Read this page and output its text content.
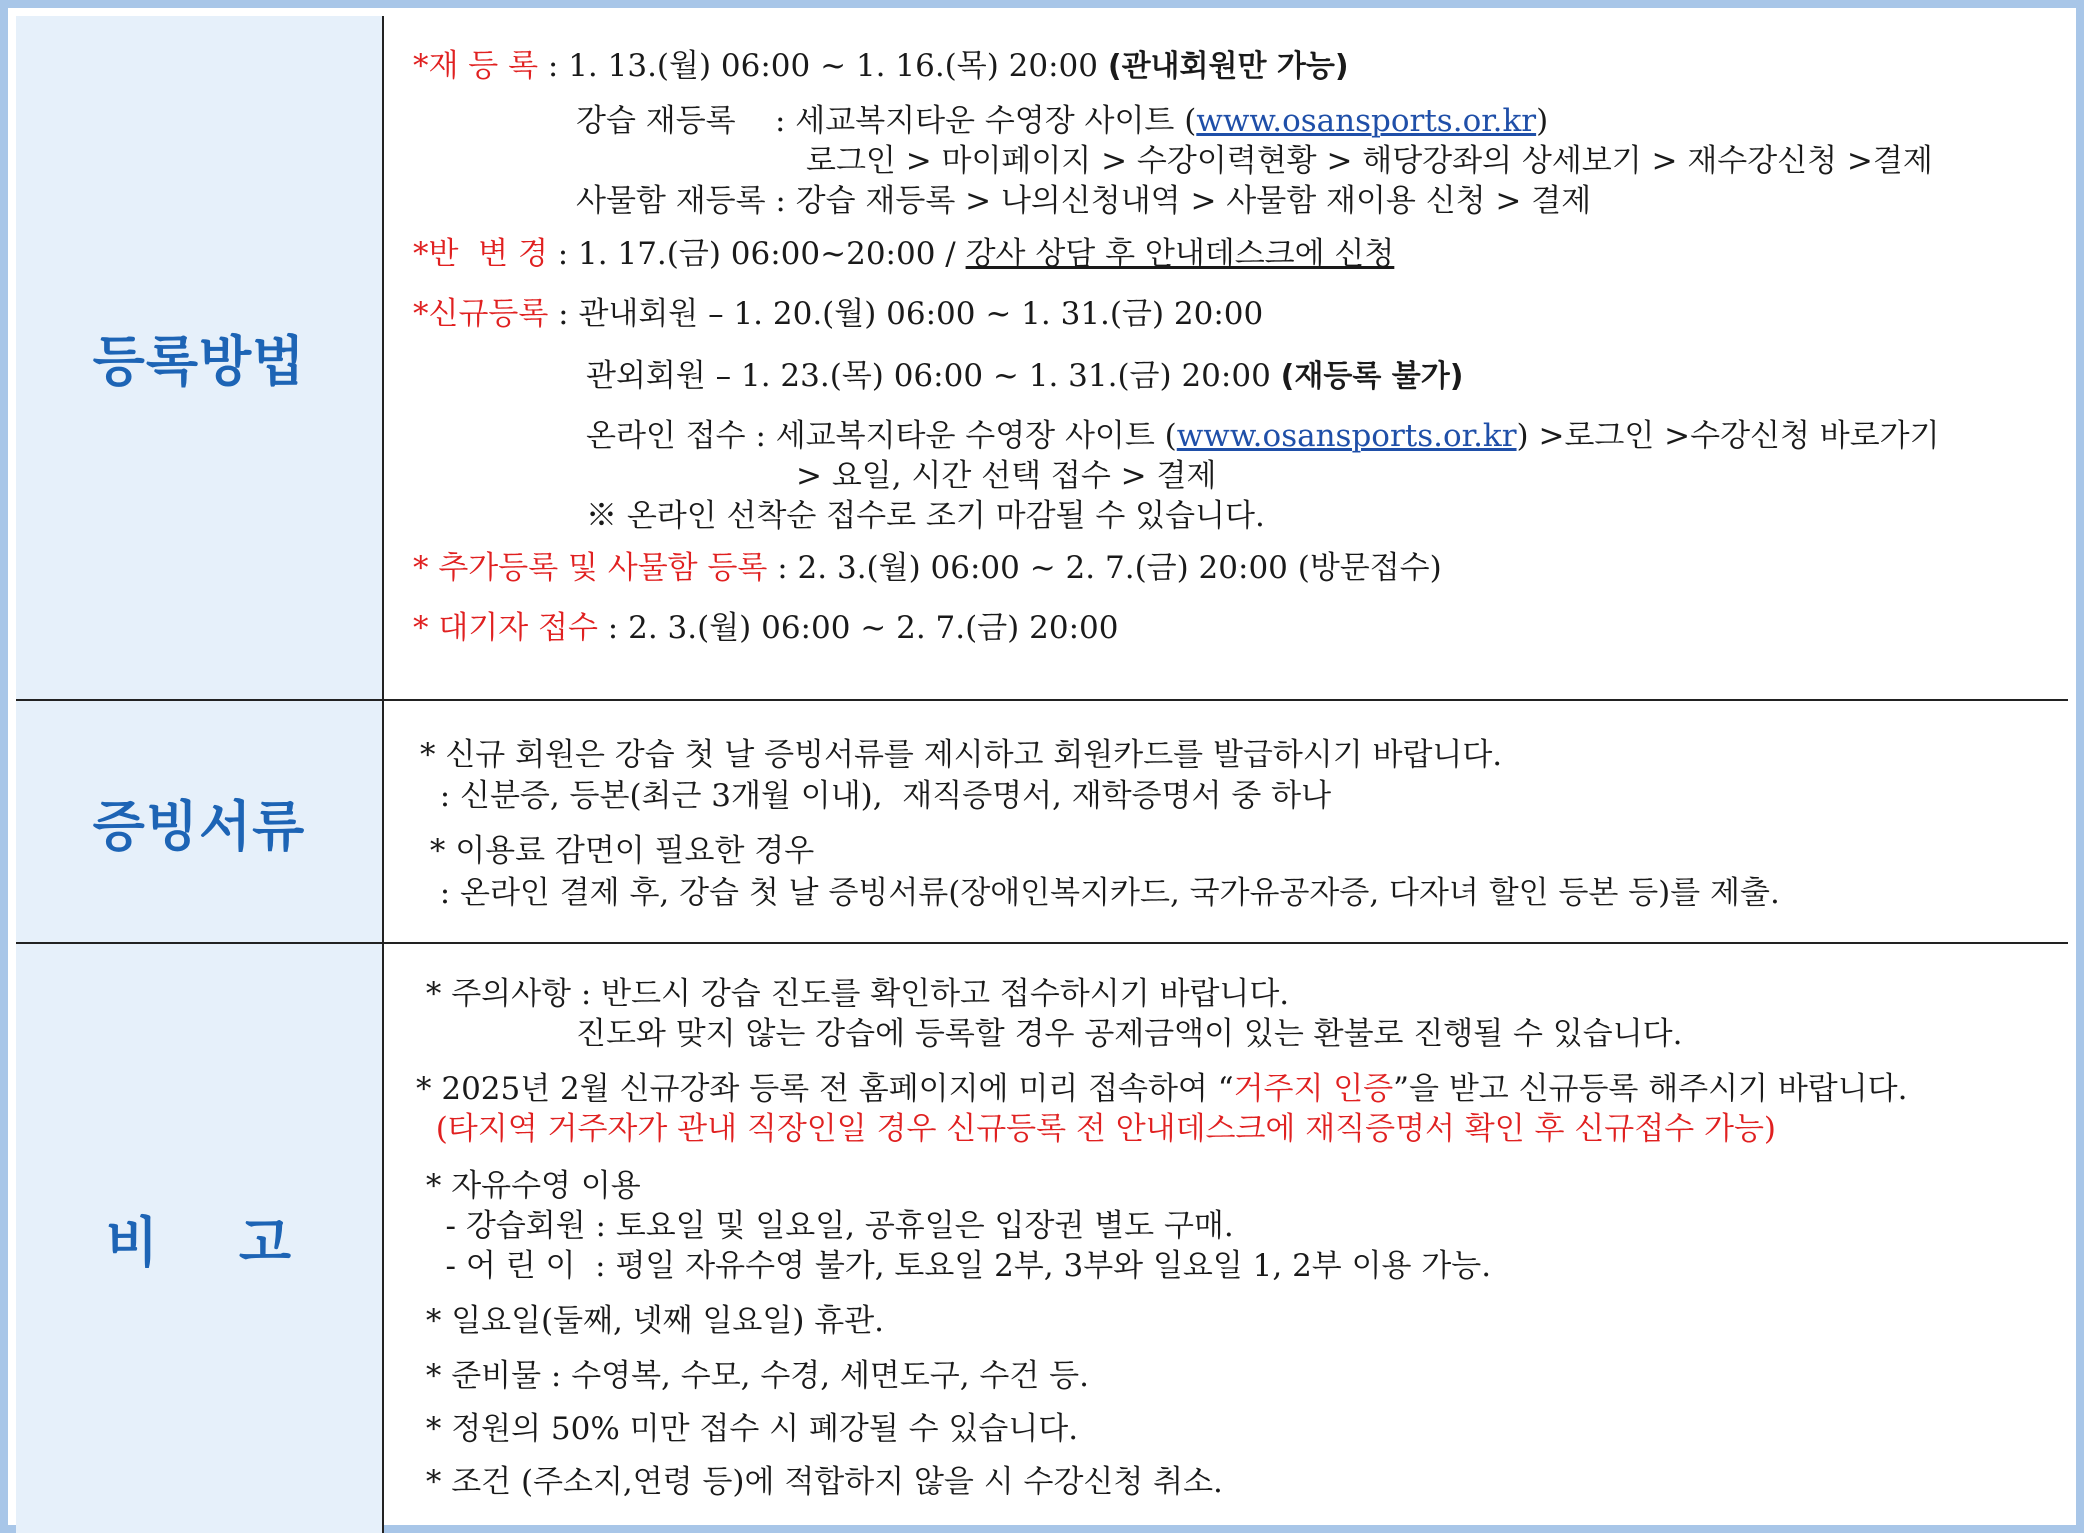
등록방법
*재 등 록 : 1. 13.(월) 06:00 ~ 1. 16.(목) 20:00 (관내회원만 가능)
강습 재등록    : 세교복지타운 수영장 사이트 (www.osansports.or.kr)
로그인 > 마이페이지 > 수강이력현황 > 해당강좌의 상세보기 > 재수강신청 >결제
사물함 재등록 : 강습 재등록 > 나의신청내역 > 사물함 재이용 신청 > 결제
*반  변 경 : 1. 17.(금) 06:00~20:00 / 강사 상담 후 안내데스크에 신청
*신규등록 : 관내회원 – 1. 20.(월) 06:00 ~ 1. 31.(금) 20:00
관외회원 – 1. 23.(목) 06:00 ~ 1. 31.(금) 20:00 (재등록 불가)
온라인 접수 : 세교복지타운 수영장 사이트 (www.osansports.or.kr) >로그인 >수강신청 바로가기
> 요일, 시간 선택 접수 > 결제
※ 온라인 선착순 접수로 조기 마감될 수 있습니다.
* 추가등록 및 사물함 등록 : 2. 3.(월) 06:00 ~ 2. 7.(금) 20:00 (방문접수)
* 대기자 접수 : 2. 3.(월) 06:00 ~ 2. 7.(금) 20:00
증빙서류
* 신규 회원은 강습 첫 날 증빙서류를 제시하고 회원카드를 발급하시기 바랍니다.
: 신분증, 등본(최근 3개월 이내),  재직증명서, 재학증명서 중 하나
* 이용료 감면이 필요한 경우
: 온라인 결제 후, 강습 첫 날 증빙서류(장애인복지카드, 국가유공자증, 다자녀 할인 등본 등)를 제출.
비 고
* 주의사항 : 반드시 강습 진도를 확인하고 접수하시기 바랍니다.
진도와 맞지 않는 강습에 등록할 경우 공제금액이 있는 환불로 진행될 수 있습니다.
* 2025년 2월 신규강좌 등록 전 홈페이지에 미리 접속하여 “거주지 인증”을 받고 신규등록 해주시기 바랍니다.
(타지역 거주자가 관내 직장인일 경우 신규등록 전 안내데스크에 재직증명서 확인 후 신규접수 가능)
* 자유수영 이용
- 강습회원 : 토요일 및 일요일, 공휴일은 입장권 별도 구매.
- 어 린 이  : 평일 자유수영 불가, 토요일 2부, 3부와 일요일 1, 2부 이용 가능.
* 일요일(둘째, 넷째 일요일) 휴관.
* 준비물 : 수영복, 수모, 수경, 세면도구, 수건 등.
* 정원의 50% 미만 접수 시 폐강될 수 있습니다.
* 조건 (주소지,연령 등)에 적합하지 않을 시 수강신청 취소.
